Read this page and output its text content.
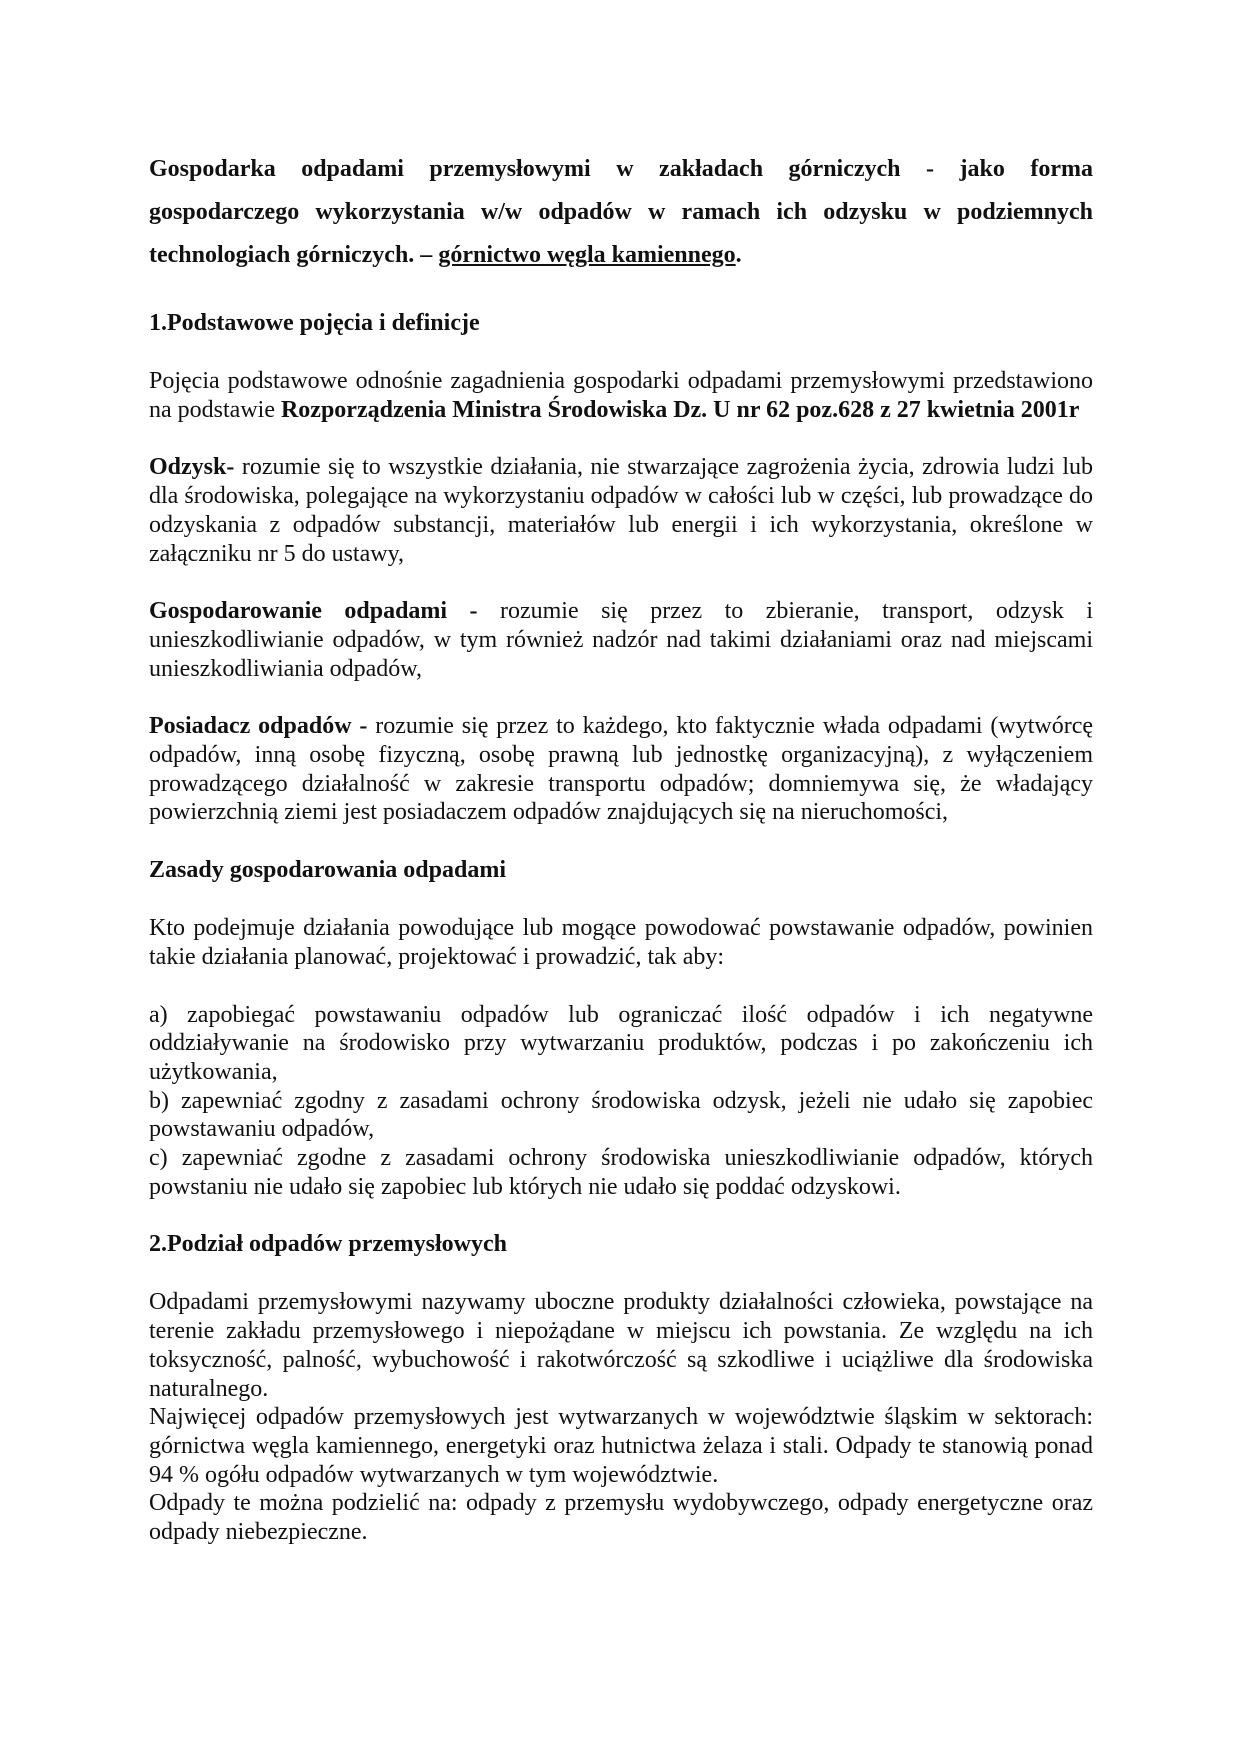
Gospodarka odpadami przemysłowymi w zakładach górniczych - jako forma gospodarczego wykorzystania w/w odpadów w ramach ich odzysku w podziemnych technologiach górniczych. – górnictwo węgla kamiennego.

1.Podstawowe pojęcia i definicje

Pojęcia podstawowe odnośnie zagadnienia gospodarki odpadami przemysłowymi przedstawiono na podstawie Rozporządzenia Ministra Środowiska Dz. U nr 62 poz.628 z 27 kwietnia 2001r

Odzysk- rozumie się to wszystkie działania, nie stwarzające zagrożenia życia, zdrowia ludzi lub dla środowiska, polegające na wykorzystaniu odpadów w całości lub w części, lub prowadzące do odzyskania z odpadów substancji, materiałów lub energii i ich wykorzystania, określone w załączniku nr 5 do ustawy,

Gospodarowanie odpadami - rozumie się przez to zbieranie, transport, odzysk i unieszkodliwianie odpadów, w tym również nadzór nad takimi działaniami oraz nad miejscami unieszkodliwiania odpadów,

Posiadacz odpadów - rozumie się przez to każdego, kto faktycznie włada odpadami (wytwórcę odpadów, inną osobę fizyczną, osobę prawną lub jednostkę organizacyjną), z wyłączeniem prowadzącego działalność w zakresie transportu odpadów; domniemywa się, że władający powierzchnią ziemi jest posiadaczem odpadów znajdujących się na nieruchomości,

Zasady gospodarowania odpadami

Kto podejmuje działania powodujące lub mogące powodować powstawanie odpadów, powinien takie działania planować, projektować i prowadzić, tak aby:

a) zapobiegać powstawaniu odpadów lub ograniczać ilość odpadów i ich negatywne oddziaływanie na środowisko przy wytwarzaniu produktów, podczas i po zakończeniu ich użytkowania,

b) zapewniać zgodny z zasadami ochrony środowiska odzysk, jeżeli nie udało się zapobiec powstawaniu odpadów,

c) zapewniać zgodne z zasadami ochrony środowiska unieszkodliwianie odpadów, których powstaniu nie udało się zapobiec lub których nie udało się poddać odzyskowi.

2.Podział odpadów przemysłowych

Odpadami przemysłowymi nazywamy uboczne produkty działalności człowieka, powstające na terenie zakładu przemysłowego i niepożądane w miejscu ich powstania. Ze względu na ich toksyczność, palność, wybuchowość i rakotwórczość są szkodliwe i uciążliwe dla środowiska naturalnego.

Najwięcej odpadów przemysłowych jest wytwarzanych w województwie śląskim w sektorach: górnictwa węgla kamiennego, energetyki oraz hutnictwa żelaza i stali. Odpady te stanowią ponad 94 % ogółu odpadów wytwarzanych w tym województwie.

Odpady te można podzielić na: odpady z przemysłu wydobywczego, odpady energetyczne oraz odpady niebezpieczne.
